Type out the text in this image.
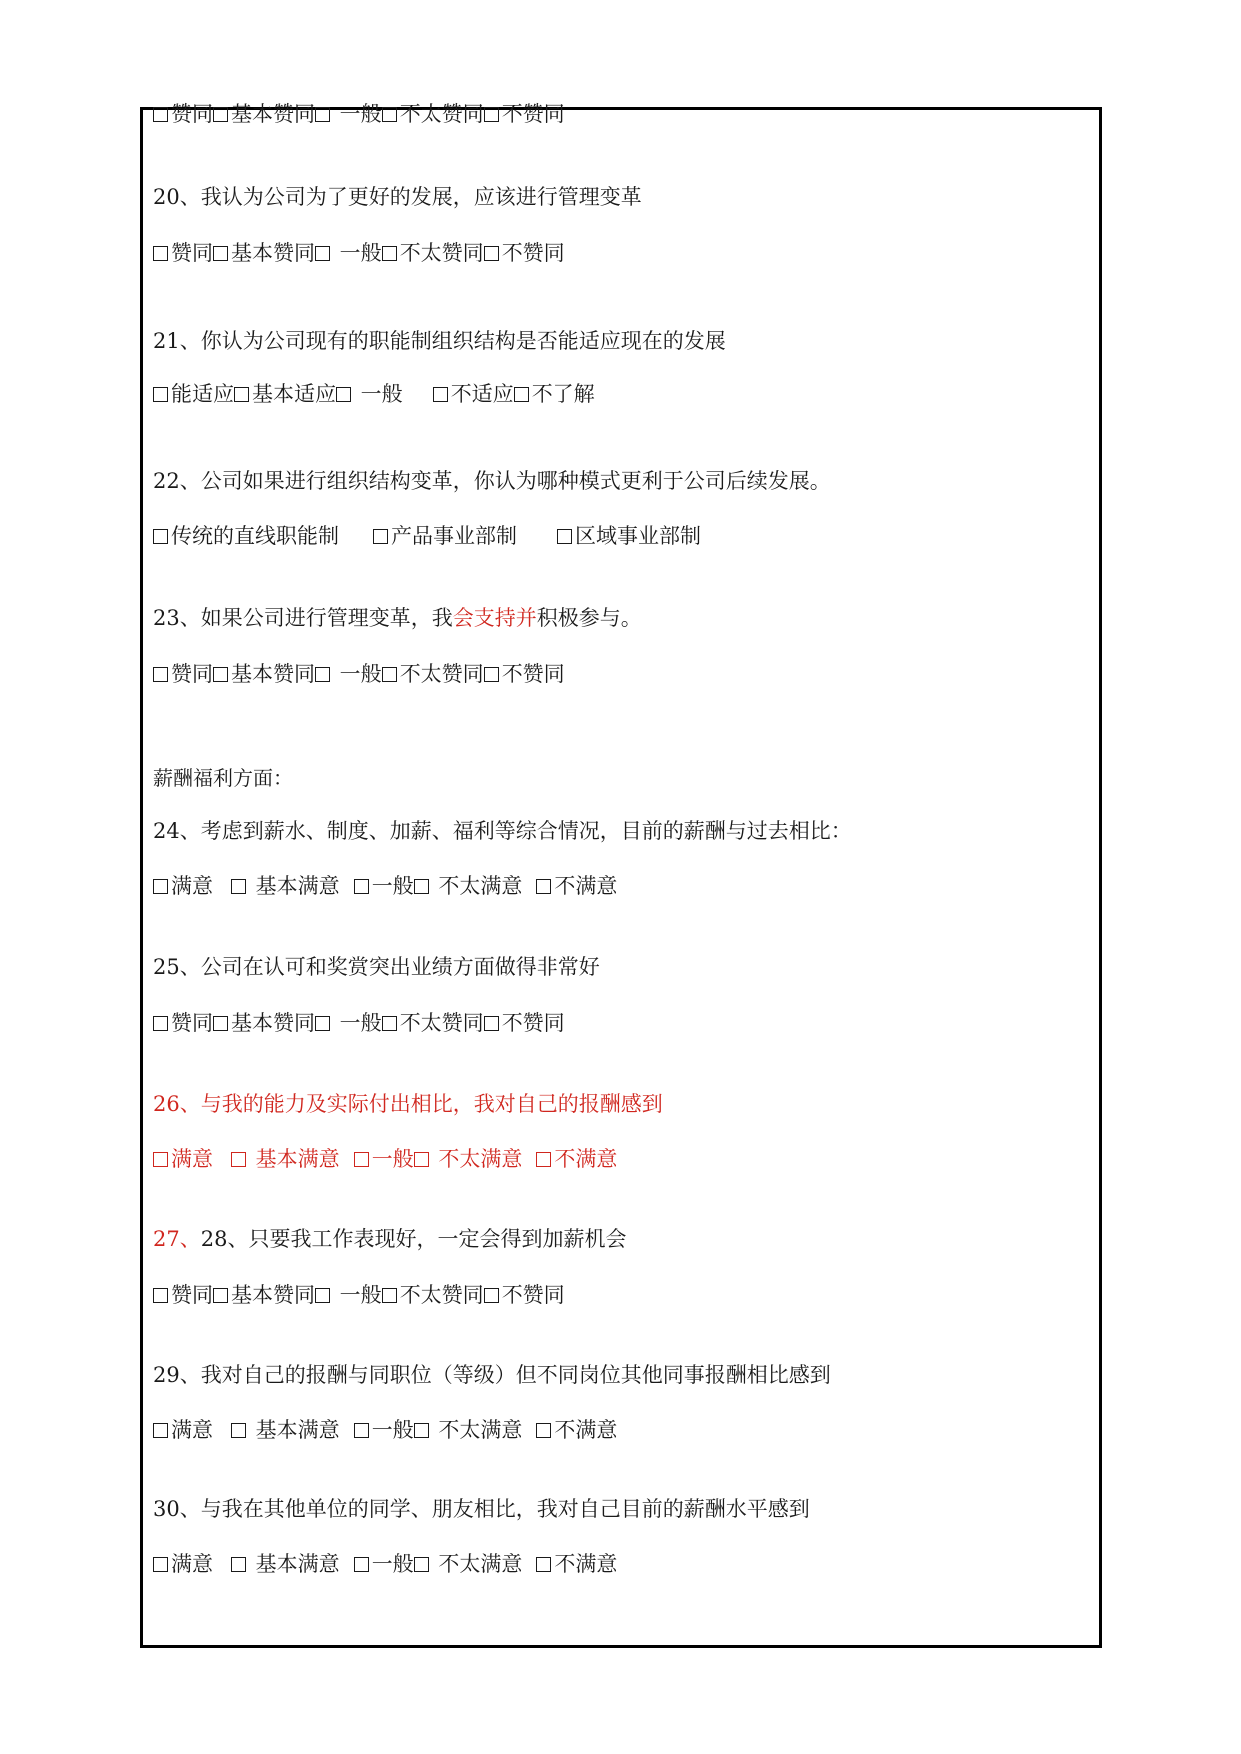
赞同 基本赞同 一般 不太赞同 不赞同
20、我认为公司为了更好的发展，应该进行管理变革
赞同 基本赞同 一般 不太赞同 不赞同
21、你认为公司现有的职能制组织结构是否能适应现在的发展
能适应 基本适应 一般 不适应 不了解
22、公司如果进行组织结构变革，你认为哪种模式更利于公司后续发展。
传统的直线职能制 产品事业部制	区域事业部制
23、如果公司进行管理变革，我会支持并积极参与。
赞同 基本赞同 一般 不太赞同 不赞同
薪酬福利方面：
24、考虑到薪水、制度、加薪、福利等综合情况，目前的薪酬与过去相比：
满意 基本满意 一般 不太满意 不满意
25、公司在认可和奖赏突出业绩方面做得非常好
赞同 基本赞同 一般 不太赞同 不赞同
26、与我的能力及实际付出相比，我对自己的报酬感到
满意 基本满意 一般 不太满意 不满意
27、28、只要我工作表现好，一定会得到加薪机会
赞同 基本赞同 一般 不太赞同 不赞同
29、我对自己的报酬与同职位（等级）但不同岗位其他同事报酬相比感到
满意 基本满意 一般 不太满意 不满意
30、与我在其他单位的同学、朋友相比，我对自己目前的薪酬水平感到
满意 基本满意 一般 不太满意 不满意
